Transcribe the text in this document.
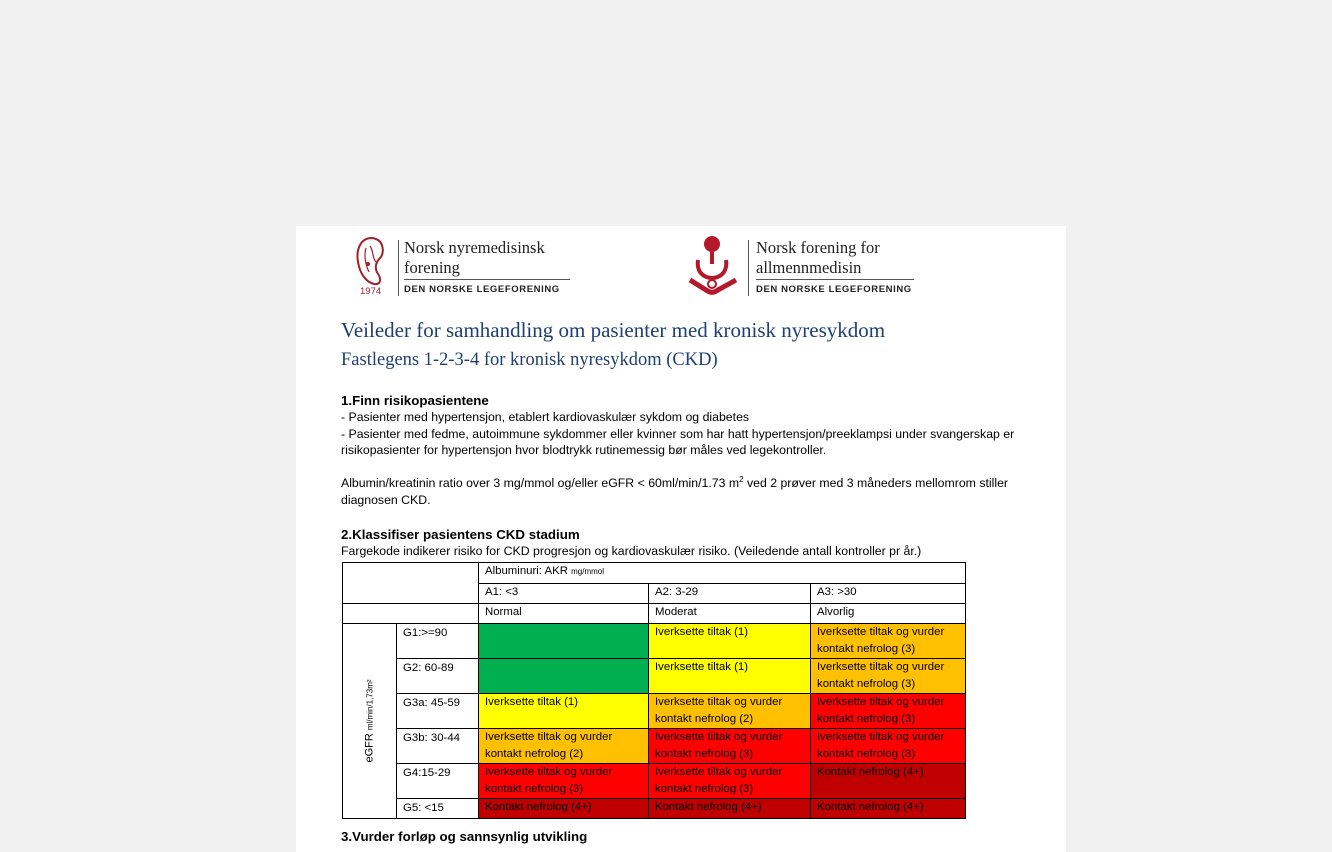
1974
Norsk nyremedisinsk
forening
DEN NORSKE LEGEFORENING
Norsk forening for
allmennmedisin
DEN NORSKE LEGEFORENING
Veileder for samhandling om pasienter med kronisk nyresykdom
Fastlegens 1-2-3-4 for kronisk nyresykdom (CKD)
1.Finn risikopasientene
- Pasienter med hypertensjon, etablert kardiovaskulær sykdom og diabetes
- Pasienter med fedme, autoimmune sykdommer eller kvinner som har hatt hypertensjon/preeklampsi under svangerskap er
risikopasienter for hypertensjon hvor blodtrykk rutinemessig bør måles ved legekontroller.
Albumin/kreatinin ratio over 3 mg/mmol og/eller eGFR < 60ml/min/1.73 $m^2$ ved 2 prøver med 3 måneders mellomrom stiller
diagnosen CKD.
2.Klassifiser pasientens CKD stadium
Fargekode indikerer risiko for CKD progresjon og kardiovaskulær risiko. (Veiledende antall kontroller pr år.)
		Albuminuri: AKR mg/mmol		
		A1: <3	A2: 3-29	A3: >30
		Normal	Moderat	Alvorlig

eGFR ml/min/1,73m²	G1:>=90		Iverksette tiltak (1)	Iverksette tiltak og vurder kontakt nefrolog (3)
	G2: 60-89		Iverksette tiltak (1)	Iverksette tiltak og vurder kontakt nefrolog (3)
	G3a: 45-59	Iverksette tiltak (1)	Iverksette tiltak og vurder kontakt nefrolog (2)	Iverksette tiltak og vurder kontakt nefrolog (3)
	G3b: 30-44	Iverksette tiltak og vurder kontakt nefrolog (2)	Iverksette tiltak og vurder kontakt nefrolog (3)	Iverksette tiltak og vurder kontakt nefrolog (3)
	G4:15-29	Iverksette tiltak og vurder kontakt nefrolog (3)	Iverksette tiltak og vurder kontakt nefrolog (3)	Kontakt nefrolog (4+)
	G5: <15	Kontakt nefrolog (4+)	Kontakt nefrolog (4+)	Kontakt nefrolog (4+)
3.Vurder forløp og sannsynlig utvikling
